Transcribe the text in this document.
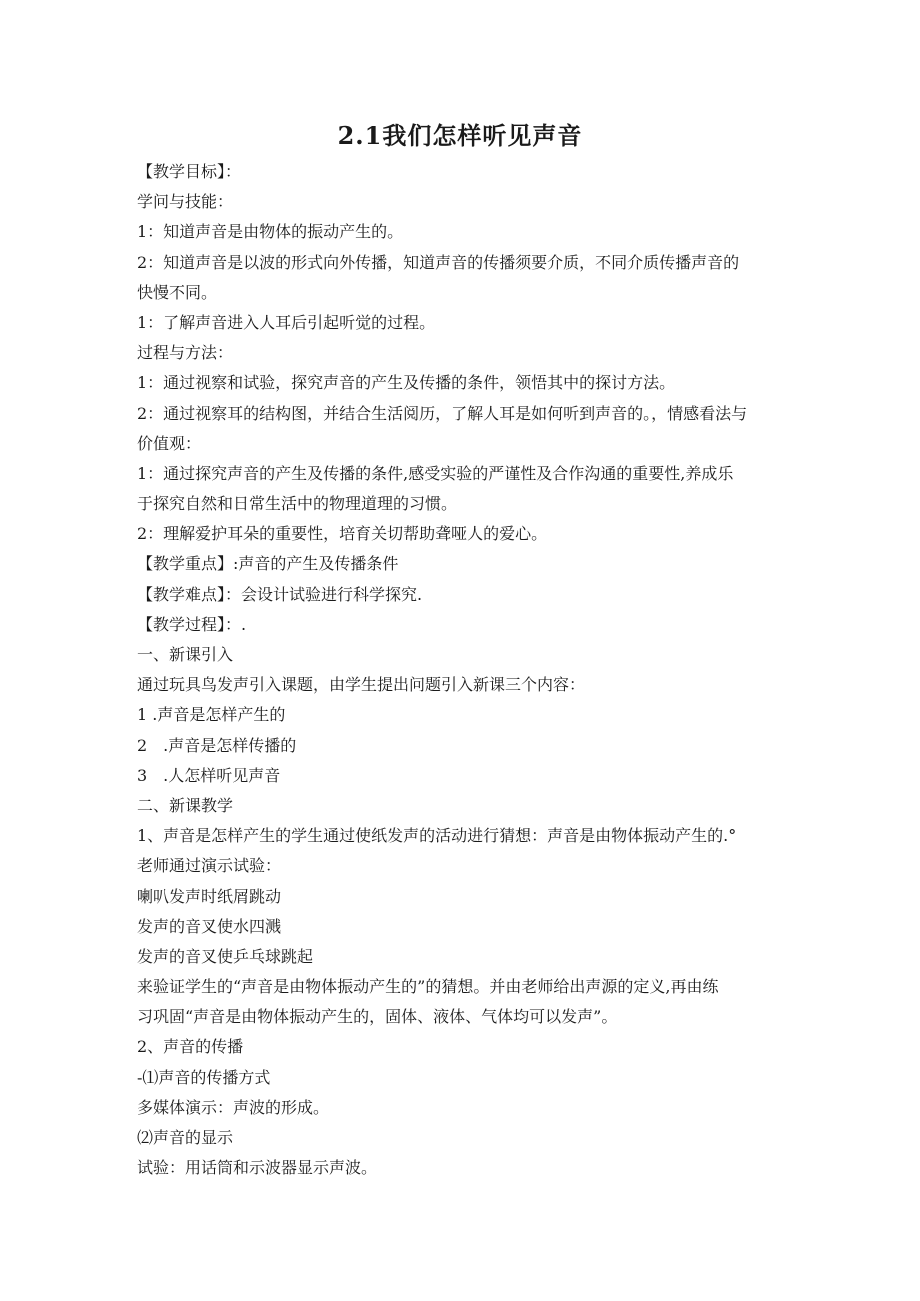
2.1我们怎样听见声音
【教学目标】：
学问与技能：
1：知道声音是由物体的振动产生的。
2：知道声音是以波的形式向外传播，知道声音的传播须要介质，不同介质传播声音的
快慢不同。
1：了解声音进入人耳后引起听觉的过程。
过程与方法：
1：通过视察和试验，探究声音的产生及传播的条件，领悟其中的探讨方法。
2：通过视察耳的结构图，并结合生活阅历，了解人耳是如何听到声音的。，情感看法与
价值观：
1：通过探究声音的产生及传播的条件,感受实验的严谨性及合作沟通的重要性,养成乐
于探究自然和日常生活中的物理道理的习惯。
2：理解爱护耳朵的重要性，培育关切帮助聋哑人的爱心。
【教学重点】:声音的产生及传播条件
【教学难点】：会设计试验进行科学探究.
【教学过程】：.
一、新课引入
通过玩具鸟发声引入课题，由学生提出问题引入新课三个内容：
1 .声音是怎样产生的
2　.声音是怎样传播的
3　.人怎样听见声音
二、新课教学
1、声音是怎样产生的学生通过使纸发声的活动进行猜想：声音是由物体振动产生的.°
老师通过演示试验：
喇叭发声时纸屑跳动
发声的音叉使水四溅
发声的音叉使乒乓球跳起
来验证学生的“声音是由物体振动产生的”的猜想。并由老师给出声源的定义,再由练
习巩固“声音是由物体振动产生的，固体、液体、气体均可以发声”。
2、声音的传播
-⑴声音的传播方式
多媒体演示：声波的形成。
⑵声音的显示
试验：用话筒和示波器显示声波。
